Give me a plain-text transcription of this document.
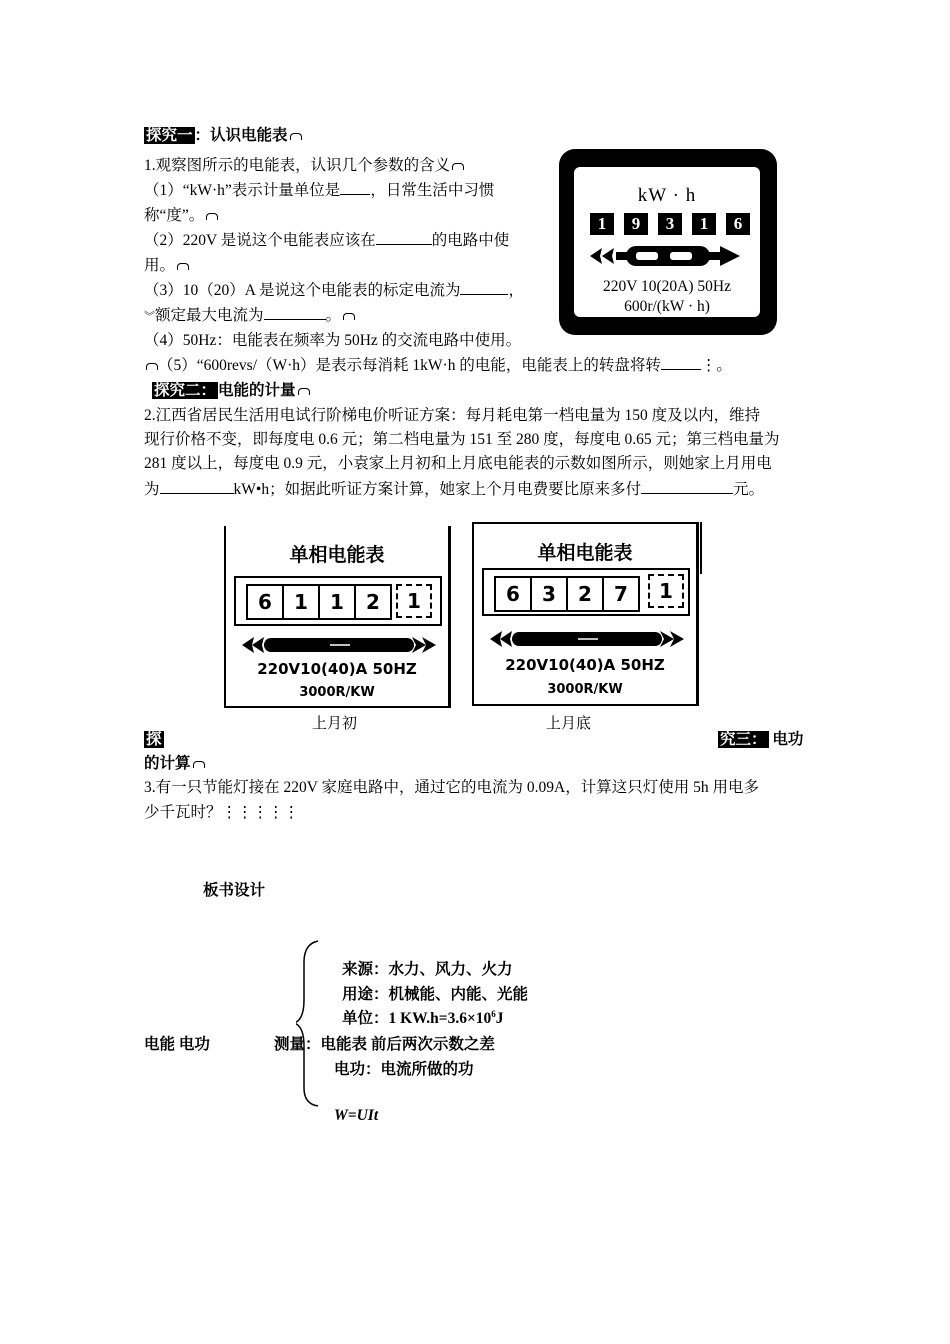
探究一 ：认识电能表
1.观察图所示的电能表，认识几个参数的含义
（1）“kW·h”表示计量单位是 ，日常生活中习惯
称“度”。
（2）220V 是说这个电能表应该在	的电路中使
用。
（3）10（20）A 是说这个电能表的标定电流为	，
︾额定最大电流为	。
（4）50Hz：电能表在频率为 50Hz 的交流电路中使用。
（5）“600revs/（W·h）是表示每消耗 1kW·h 的电能，电能表上的转盘将转	⋮。
kW · h
1	9	3	1	6
220V 10(20A) 50Hz
600r/(kW · h)
探究二： 电能的计量
2.江西省居民生活用电试行阶梯电价听证方案：每月耗电第一档电量为 150 度及以内，维持
现行价格不变，即每度电 0.6 元；第二档电量为 151 至 280 度，每度电 0.65 元；第三档电量为
281 度以上，每度电 0.9 元，小袁家上月初和上月底电能表的示数如图所示，则她家上月用电
为	kW•h；如据此听证方案计算，她家上个月电费要比原来多付	元。
单相电能表
6	1	1	2	1
220V10(40)A 50HZ
3000R/KW
上月初
单相电能表
6	3	2	7	1
220V10(40)A 50HZ
3000R/KW
上月底
探	究三： 电功
的计算
3.有一只节能灯接在 220V 家庭电路中，通过它的电流为 0.09A，计算这只灯使用 5h 用电多
少千瓦时？⋮⋮⋮⋮⋮
板书设计
来源：水力、风力、火力
用途：机械能、内能、光能
单位：1 $KW.h=3.6\times 10^6J$
电能 电功	测量：电能表 前后两次示数之差
电功：电流所做的功
W=UIt
